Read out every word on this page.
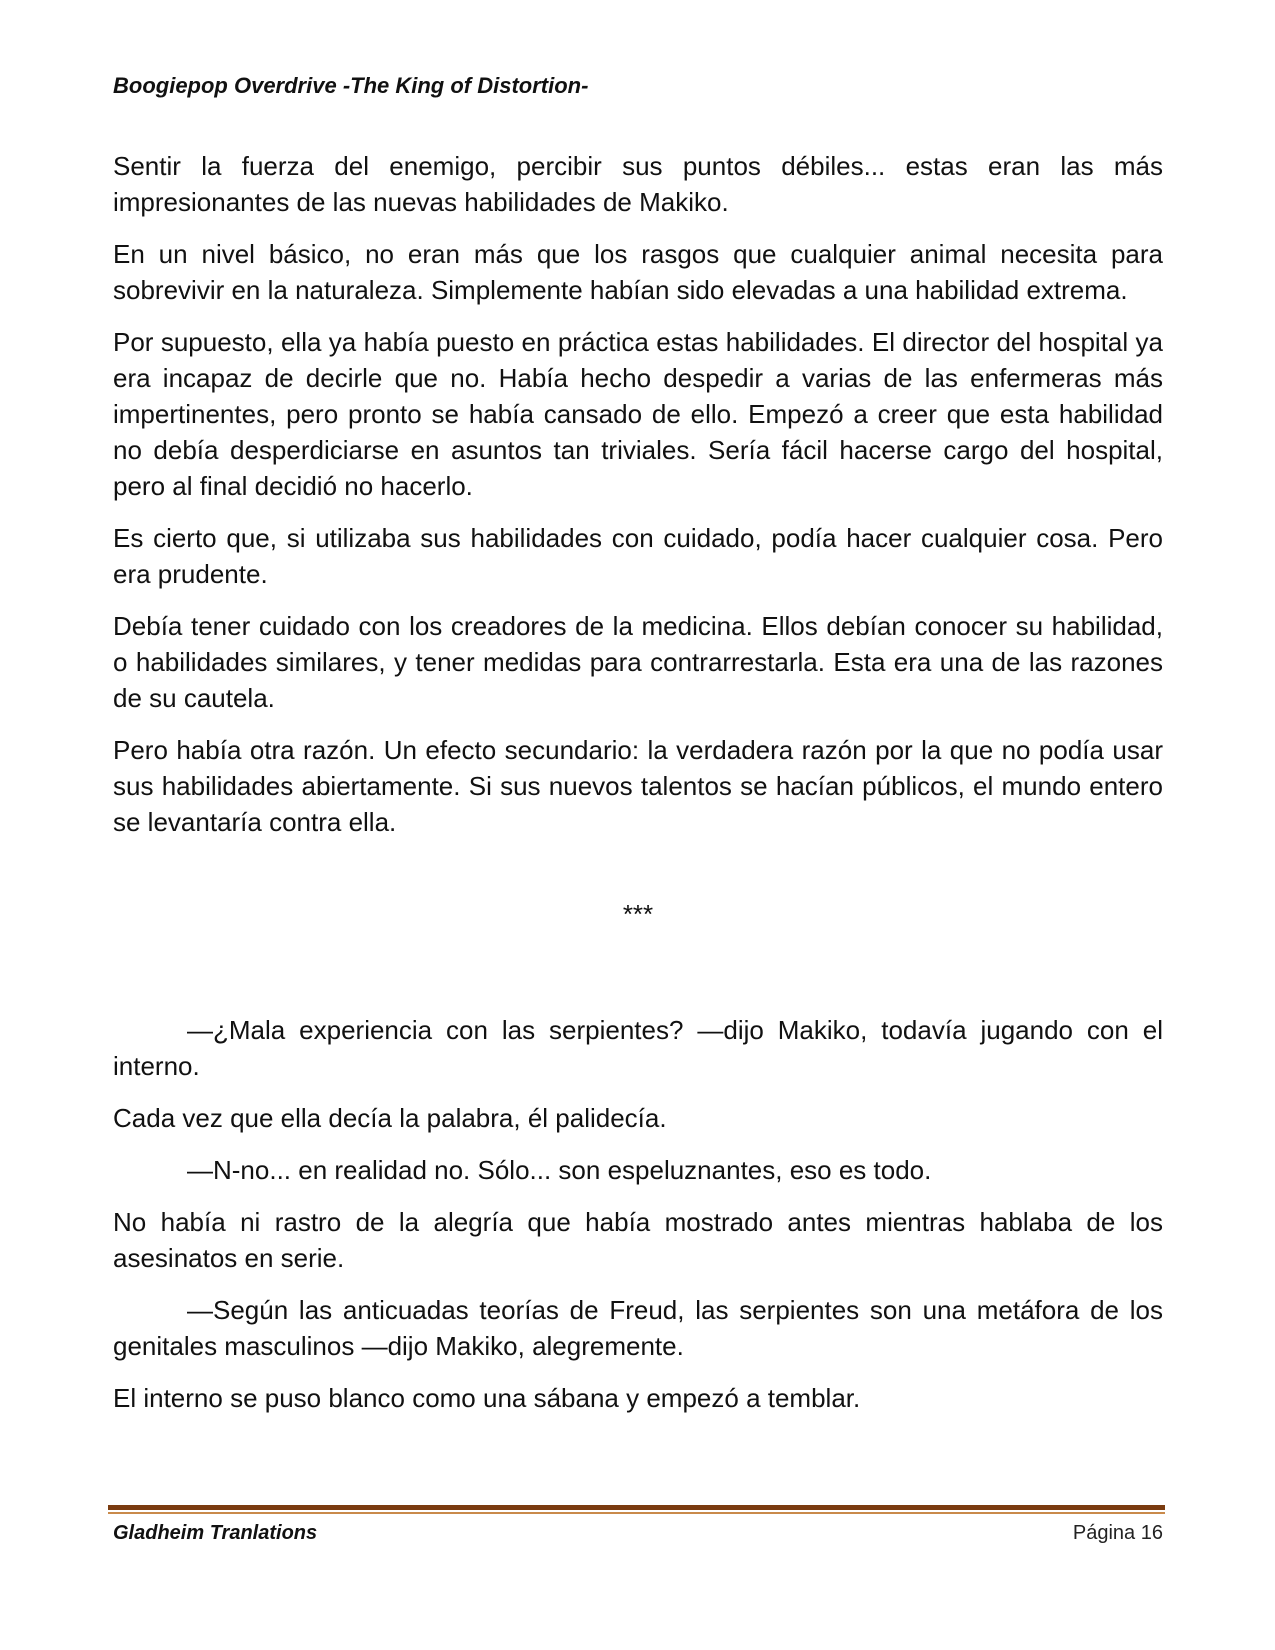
Boogiepop Overdrive -The King of Distortion-

Sentir la fuerza del enemigo, percibir sus puntos débiles... estas eran las más impresionantes de las nuevas habilidades de Makiko.

En un nivel básico, no eran más que los rasgos que cualquier animal necesita para sobrevivir en la naturaleza. Simplemente habían sido elevadas a una habilidad extrema.

Por supuesto, ella ya había puesto en práctica estas habilidades. El director del hospital ya era incapaz de decirle que no. Había hecho despedir a varias de las enfermeras más impertinentes, pero pronto se había cansado de ello. Empezó a creer que esta habilidad no debía desperdiciarse en asuntos tan triviales. Sería fácil hacerse cargo del hospital, pero al final decidió no hacerlo.

Es cierto que, si utilizaba sus habilidades con cuidado, podía hacer cualquier cosa. Pero era prudente.

Debía tener cuidado con los creadores de la medicina. Ellos debían conocer su habilidad, o habilidades similares, y tener medidas para contrarrestarla. Esta era una de las razones de su cautela.

Pero había otra razón. Un efecto secundario: la verdadera razón por la que no podía usar sus habilidades abiertamente. Si sus nuevos talentos se hacían públicos, el mundo entero se levantaría contra ella.

***

—¿Mala experiencia con las serpientes? —dijo Makiko, todavía jugando con el interno.

Cada vez que ella decía la palabra, él palidecía.

—N-no... en realidad no. Sólo... son espeluznantes, eso es todo.

No había ni rastro de la alegría que había mostrado antes mientras hablaba de los asesinatos en serie.

—Según las anticuadas teorías de Freud, las serpientes son una metáfora de los genitales masculinos —dijo Makiko, alegremente.

El interno se puso blanco como una sábana y empezó a temblar.

Gladheim Tranlations	Página 16
